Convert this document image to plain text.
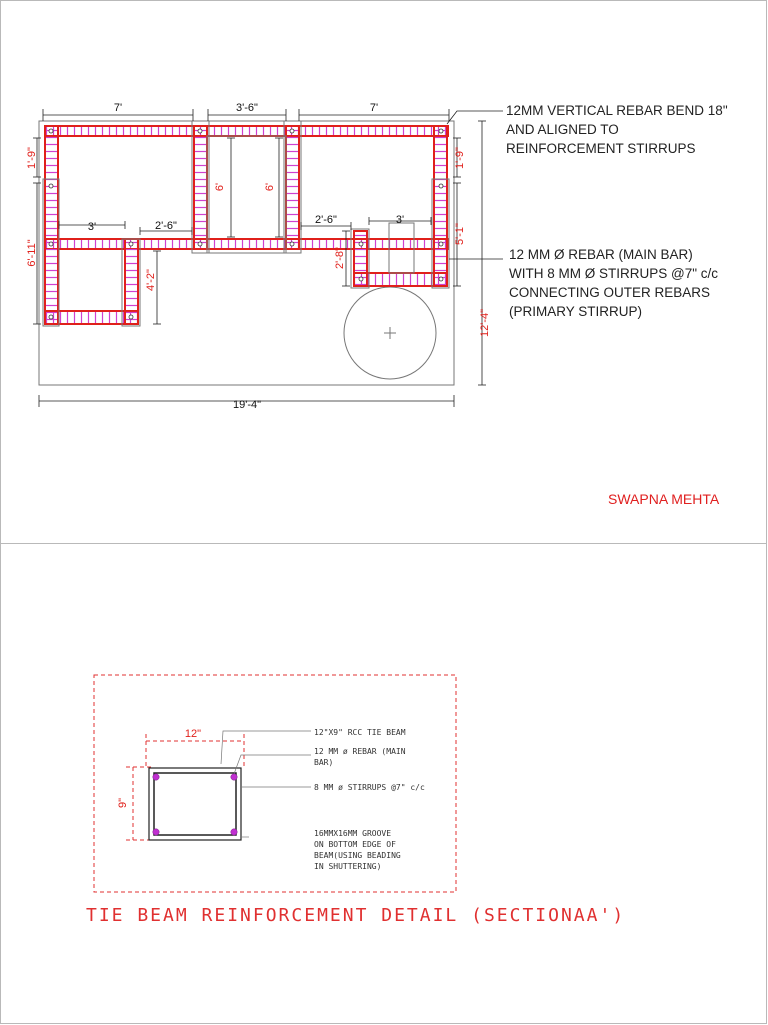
7'	3'-6"	7'
1'-9"
6'-11"
1'-9"
5'-1"
12'-4"
3'	2'-6"	2'-6"	3'
6'	6'
4'-2"
2'-8"
19'-4"
12MM VERTICAL REBAR BEND 18"
AND ALIGNED TO
REINFORCEMENT STIRRUPS
12 MM Ø REBAR (MAIN BAR)
WITH 8 MM Ø STIRRUPS @7" c/c
CONNECTING OUTER REBARS
(PRIMARY STIRRUP)
SWAPNA MEHTA
12"
9"
12"X9" RCC TIE BEAM
12 MM ø REBAR (MAIN
BAR)
8 MM ø STIRRUPS @7" c/c
16MMX16MM GROOVE
ON BOTTOM EDGE OF
BEAM(USING BEADING
IN SHUTTERING)
TIE BEAM REINFORCEMENT DETAIL (SECTIONAA')
